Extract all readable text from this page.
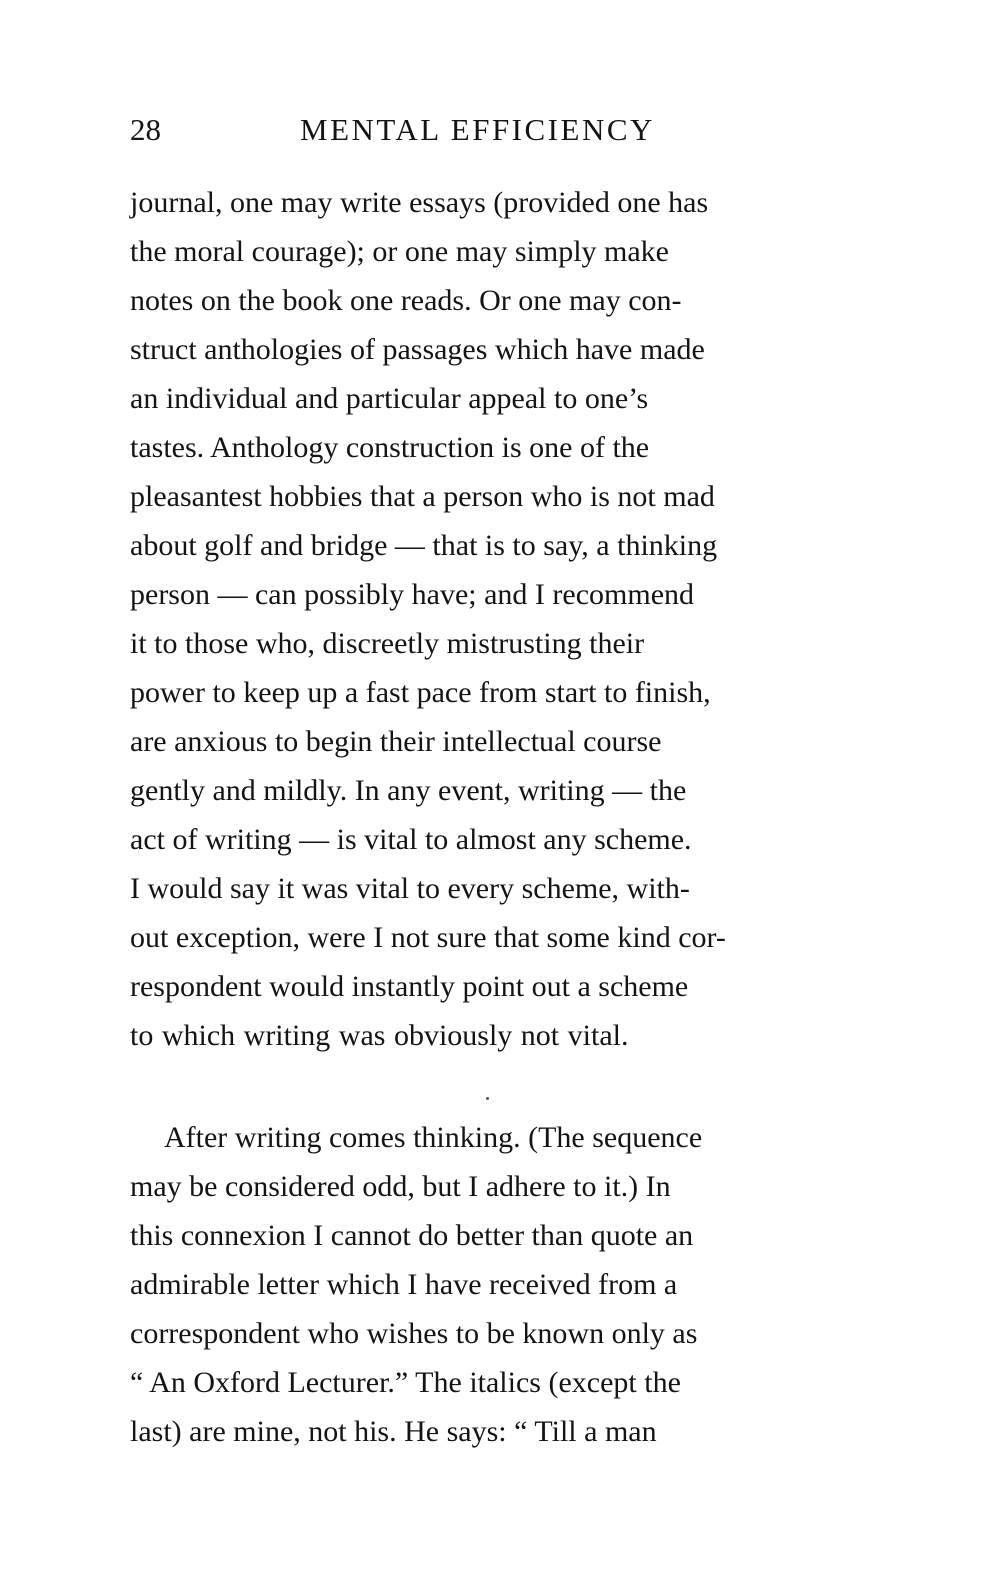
28	MENTAL EFFICIENCY
journal, one may write essays (provided one has
the moral courage); or one may simply make
notes on the book one reads. Or one may con-
struct anthologies of passages which have made
an individual and particular appeal to one’s
tastes. Anthology construction is one of the
pleasantest hobbies that a person who is not mad
about golf and bridge — that is to say, a thinking
person — can possibly have; and I recommend
it to those who, discreetly mistrusting their
power to keep up a fast pace from start to finish,
are anxious to begin their intellectual course
gently and mildly. In any event, writing — the
act of writing — is vital to almost any scheme.
I would say it was vital to every scheme, with-
out exception, were I not sure that some kind cor-
respondent would instantly point out a scheme
to which writing was obviously not vital.
After writing comes thinking. (The sequence
may be considered odd, but I adhere to it.) In
this connexion I cannot do better than quote an
admirable letter which I have received from a
correspondent who wishes to be known only as
“ An Oxford Lecturer.” The italics (except the
last) are mine, not his. He says: “ Till a man
